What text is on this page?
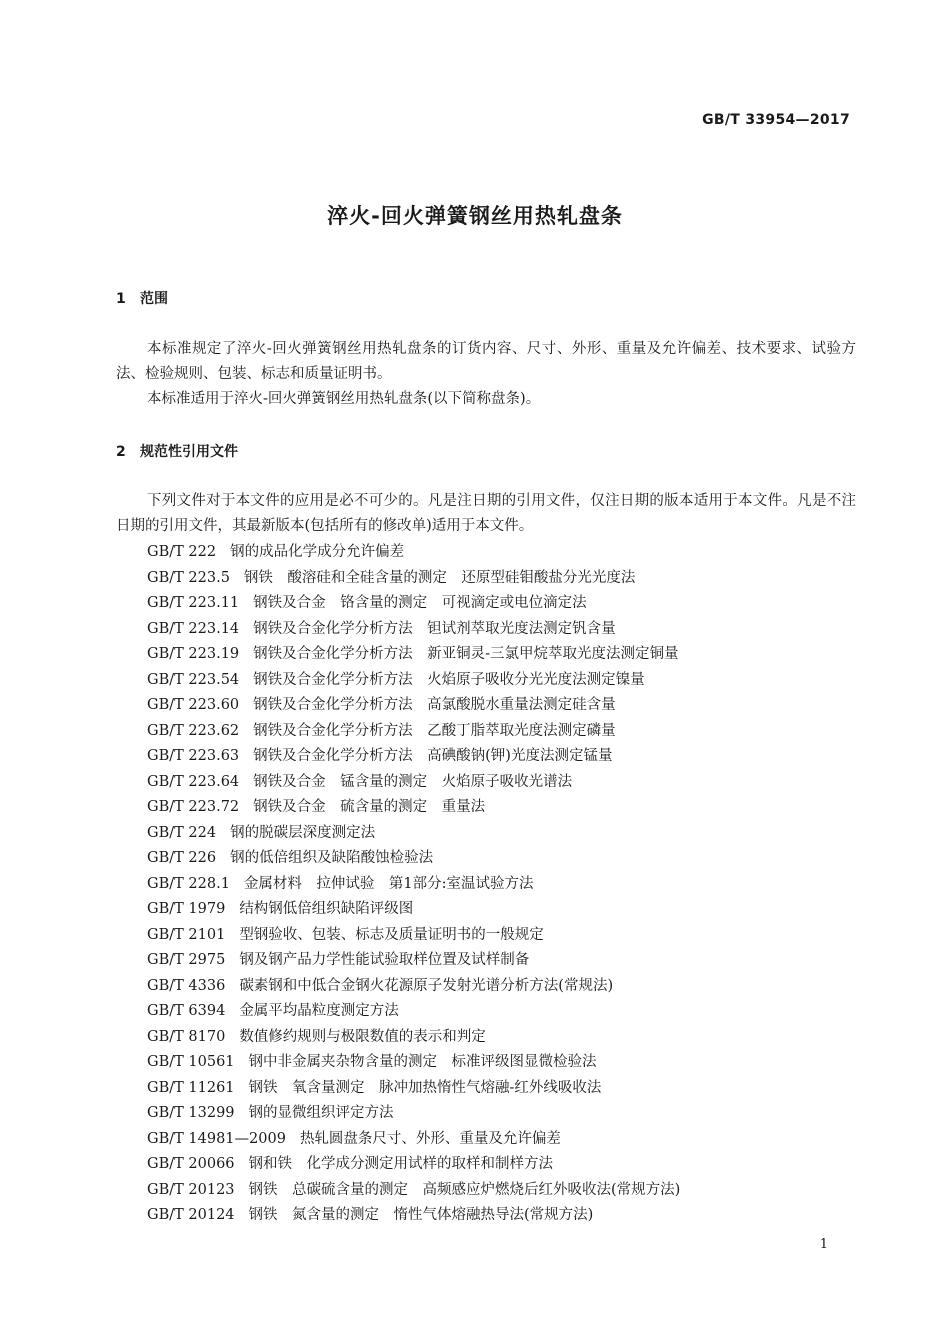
GB/T 33954—2017
淬火-回火弹簧钢丝用热轧盘条
1 范围
本标准规定了淬火-回火弹簧钢丝用热轧盘条的订货内容、尺寸、外形、重量及允许偏差、技术要求、试验方法、检验规则、包装、标志和质量证明书。
本标准适用于淬火-回火弹簧钢丝用热轧盘条(以下简称盘条)。
2 规范性引用文件
下列文件对于本文件的应用是必不可少的。凡是注日期的引用文件，仅注日期的版本适用于本文件。凡是不注日期的引用文件，其最新版本(包括所有的修改单)适用于本文件。
GB/T 222 钢的成品化学成分允许偏差
GB/T 223.5 钢铁　酸溶硅和全硅含量的测定　还原型硅钼酸盐分光光度法
GB/T 223.11 钢铁及合金　铬含量的测定　可视滴定或电位滴定法
GB/T 223.14 钢铁及合金化学分析方法　钽试剂萃取光度法测定钒含量
GB/T 223.19 钢铁及合金化学分析方法　新亚铜灵-三氯甲烷萃取光度法测定铜量
GB/T 223.54 钢铁及合金化学分析方法　火焰原子吸收分光光度法测定镍量
GB/T 223.60 钢铁及合金化学分析方法　高氯酸脱水重量法测定硅含量
GB/T 223.62 钢铁及合金化学分析方法　乙酸丁脂萃取光度法测定磷量
GB/T 223.63 钢铁及合金化学分析方法　高碘酸钠(钾)光度法测定锰量
GB/T 223.64 钢铁及合金　锰含量的测定　火焰原子吸收光谱法
GB/T 223.72 钢铁及合金　硫含量的测定　重量法
GB/T 224 钢的脱碳层深度测定法
GB/T 226 钢的低倍组织及缺陷酸蚀检验法
GB/T 228.1 金属材料　拉伸试验　第1部分:室温试验方法
GB/T 1979 结构钢低倍组织缺陷评级图
GB/T 2101 型钢验收、包装、标志及质量证明书的一般规定
GB/T 2975 钢及钢产品力学性能试验取样位置及试样制备
GB/T 4336 碳素钢和中低合金钢火花源原子发射光谱分析方法(常规法)
GB/T 6394 金属平均晶粒度测定方法
GB/T 8170 数值修约规则与极限数值的表示和判定
GB/T 10561 钢中非金属夹杂物含量的测定　标准评级图显微检验法
GB/T 11261 钢铁　氧含量测定　脉冲加热惰性气熔融-红外线吸收法
GB/T 13299 钢的显微组织评定方法
GB/T 14981—2009 热轧圆盘条尺寸、外形、重量及允许偏差
GB/T 20066 钢和铁　化学成分测定用试样的取样和制样方法
GB/T 20123 钢铁　总碳硫含量的测定　高频感应炉燃烧后红外吸收法(常规方法)
GB/T 20124 钢铁　氮含量的测定　惰性气体熔融热导法(常规方法)
1
